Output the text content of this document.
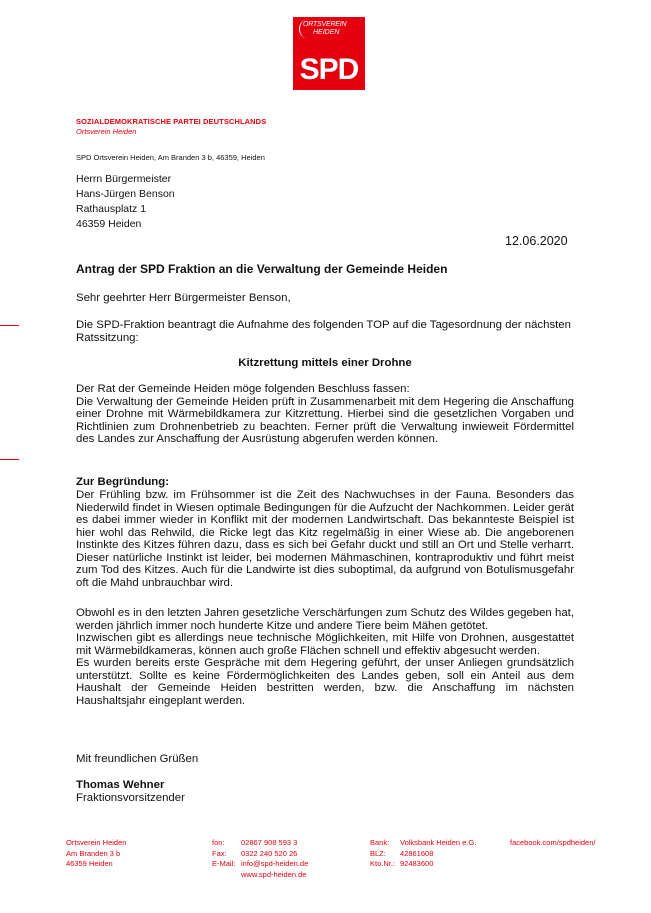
ORTSVEREIN
HEIDEN
SPD
SOZIALDEMOKRATISCHE PARTEI DEUTSCHLANDS
Ortsverein Heiden
SPD Ortsverein Heiden, Am Branden 3 b, 46359, Heiden
Herrn Bürgermeister
Hans-Jürgen Benson
Rathausplatz 1
46359 Heiden
12.06.2020
Antrag der SPD Fraktion an die Verwaltung der Gemeinde Heiden
Sehr geehrter Herr Bürgermeister Benson,
Die SPD-Fraktion beantragt die Aufnahme des folgenden TOP auf die Tagesordnung der nächsten Ratssitzung:
Kitzrettung mittels einer Drohne
Der Rat der Gemeinde Heiden möge folgenden Beschluss fassen:
Die Verwaltung der Gemeinde Heiden prüft in Zusammenarbeit mit dem Hegering die Anschaffung einer Drohne mit Wärmebildkamera zur Kitzrettung. Hierbei sind die gesetzlichen Vorgaben und Richtlinien zum Drohnenbetrieb zu beachten. Ferner prüft die Verwaltung inwieweit Fördermittel des Landes zur Anschaffung der Ausrüstung abgerufen werden können.
Zur Begründung:
Der Frühling bzw. im Frühsommer ist die Zeit des Nachwuchses in der Fauna. Besonders das Niederwild findet in Wiesen optimale Bedingungen für die Aufzucht der Nachkommen. Leider gerät es dabei immer wieder in Konflikt mit der modernen Landwirtschaft. Das bekannteste Beispiel ist hier wohl das Rehwild, die Ricke legt das Kitz regelmäßig in einer Wiese ab. Die angeborenen Instinkte des Kitzes führen dazu, dass es sich bei Gefahr duckt und still an Ort und Stelle verharrt. Dieser natürliche Instinkt ist leider, bei modernen Mähmaschinen, kontraproduktiv und führt meist zum Tod des Kitzes. Auch für die Landwirte ist dies suboptimal, da aufgrund von Botulismusgefahr oft die Mahd unbrauchbar wird.
Obwohl es in den letzten Jahren gesetzliche Verschärfungen zum Schutz des Wildes gegeben hat, werden jährlich immer noch hunderte Kitze und andere Tiere beim Mähen getötet.
Inzwischen gibt es allerdings neue technische Möglichkeiten, mit Hilfe von Drohnen, ausgestattet mit Wärmebildkameras, können auch große Flächen schnell und effektiv abgesucht werden.
Es wurden bereits erste Gespräche mit dem Hegering geführt, der unser Anliegen grundsätzlich unterstützt. Sollte es keine Fördermöglichkeiten des Landes geben, soll ein Anteil aus dem Haushalt der Gemeinde Heiden bestritten werden, bzw. die Anschaffung im nächsten Haushaltsjahr eingeplant werden.
Mit freundlichen Grüßen
Thomas Wehner
Fraktionsvorsitzender
Ortsverein Heiden
Am Branden 3 b
46359 Heiden
fon:
Fax:
E-Mail:
02867 908 593 3
0322 240 520 26
info@spd-heiden.de
www.spd-heiden.de
Bank:
BLZ:
Kto.Nr.:
Volksbank Heiden e.G.
42861608
92483600
facebook.com/spdheiden/
